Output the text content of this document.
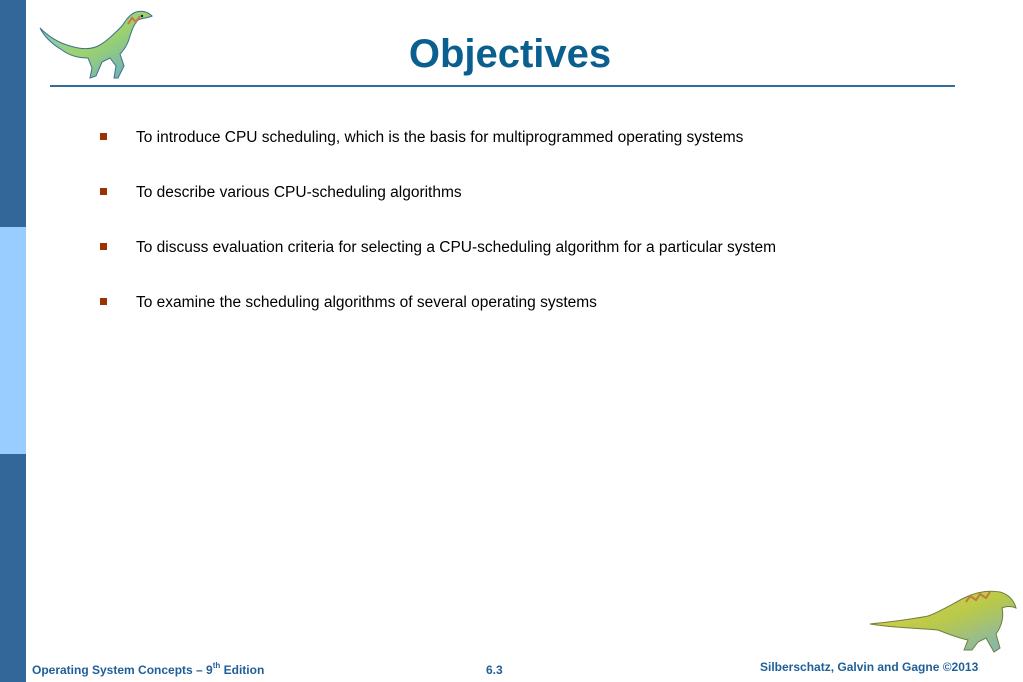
Objectives
To introduce CPU scheduling, which is the basis for multiprogrammed operating systems
To describe various CPU-scheduling algorithms
To discuss evaluation criteria for selecting a CPU-scheduling algorithm for a particular system
To examine the scheduling algorithms of several operating systems
Operating System Concepts – 9th Edition	6.3	Silberschatz, Galvin and Gagne ©2013
